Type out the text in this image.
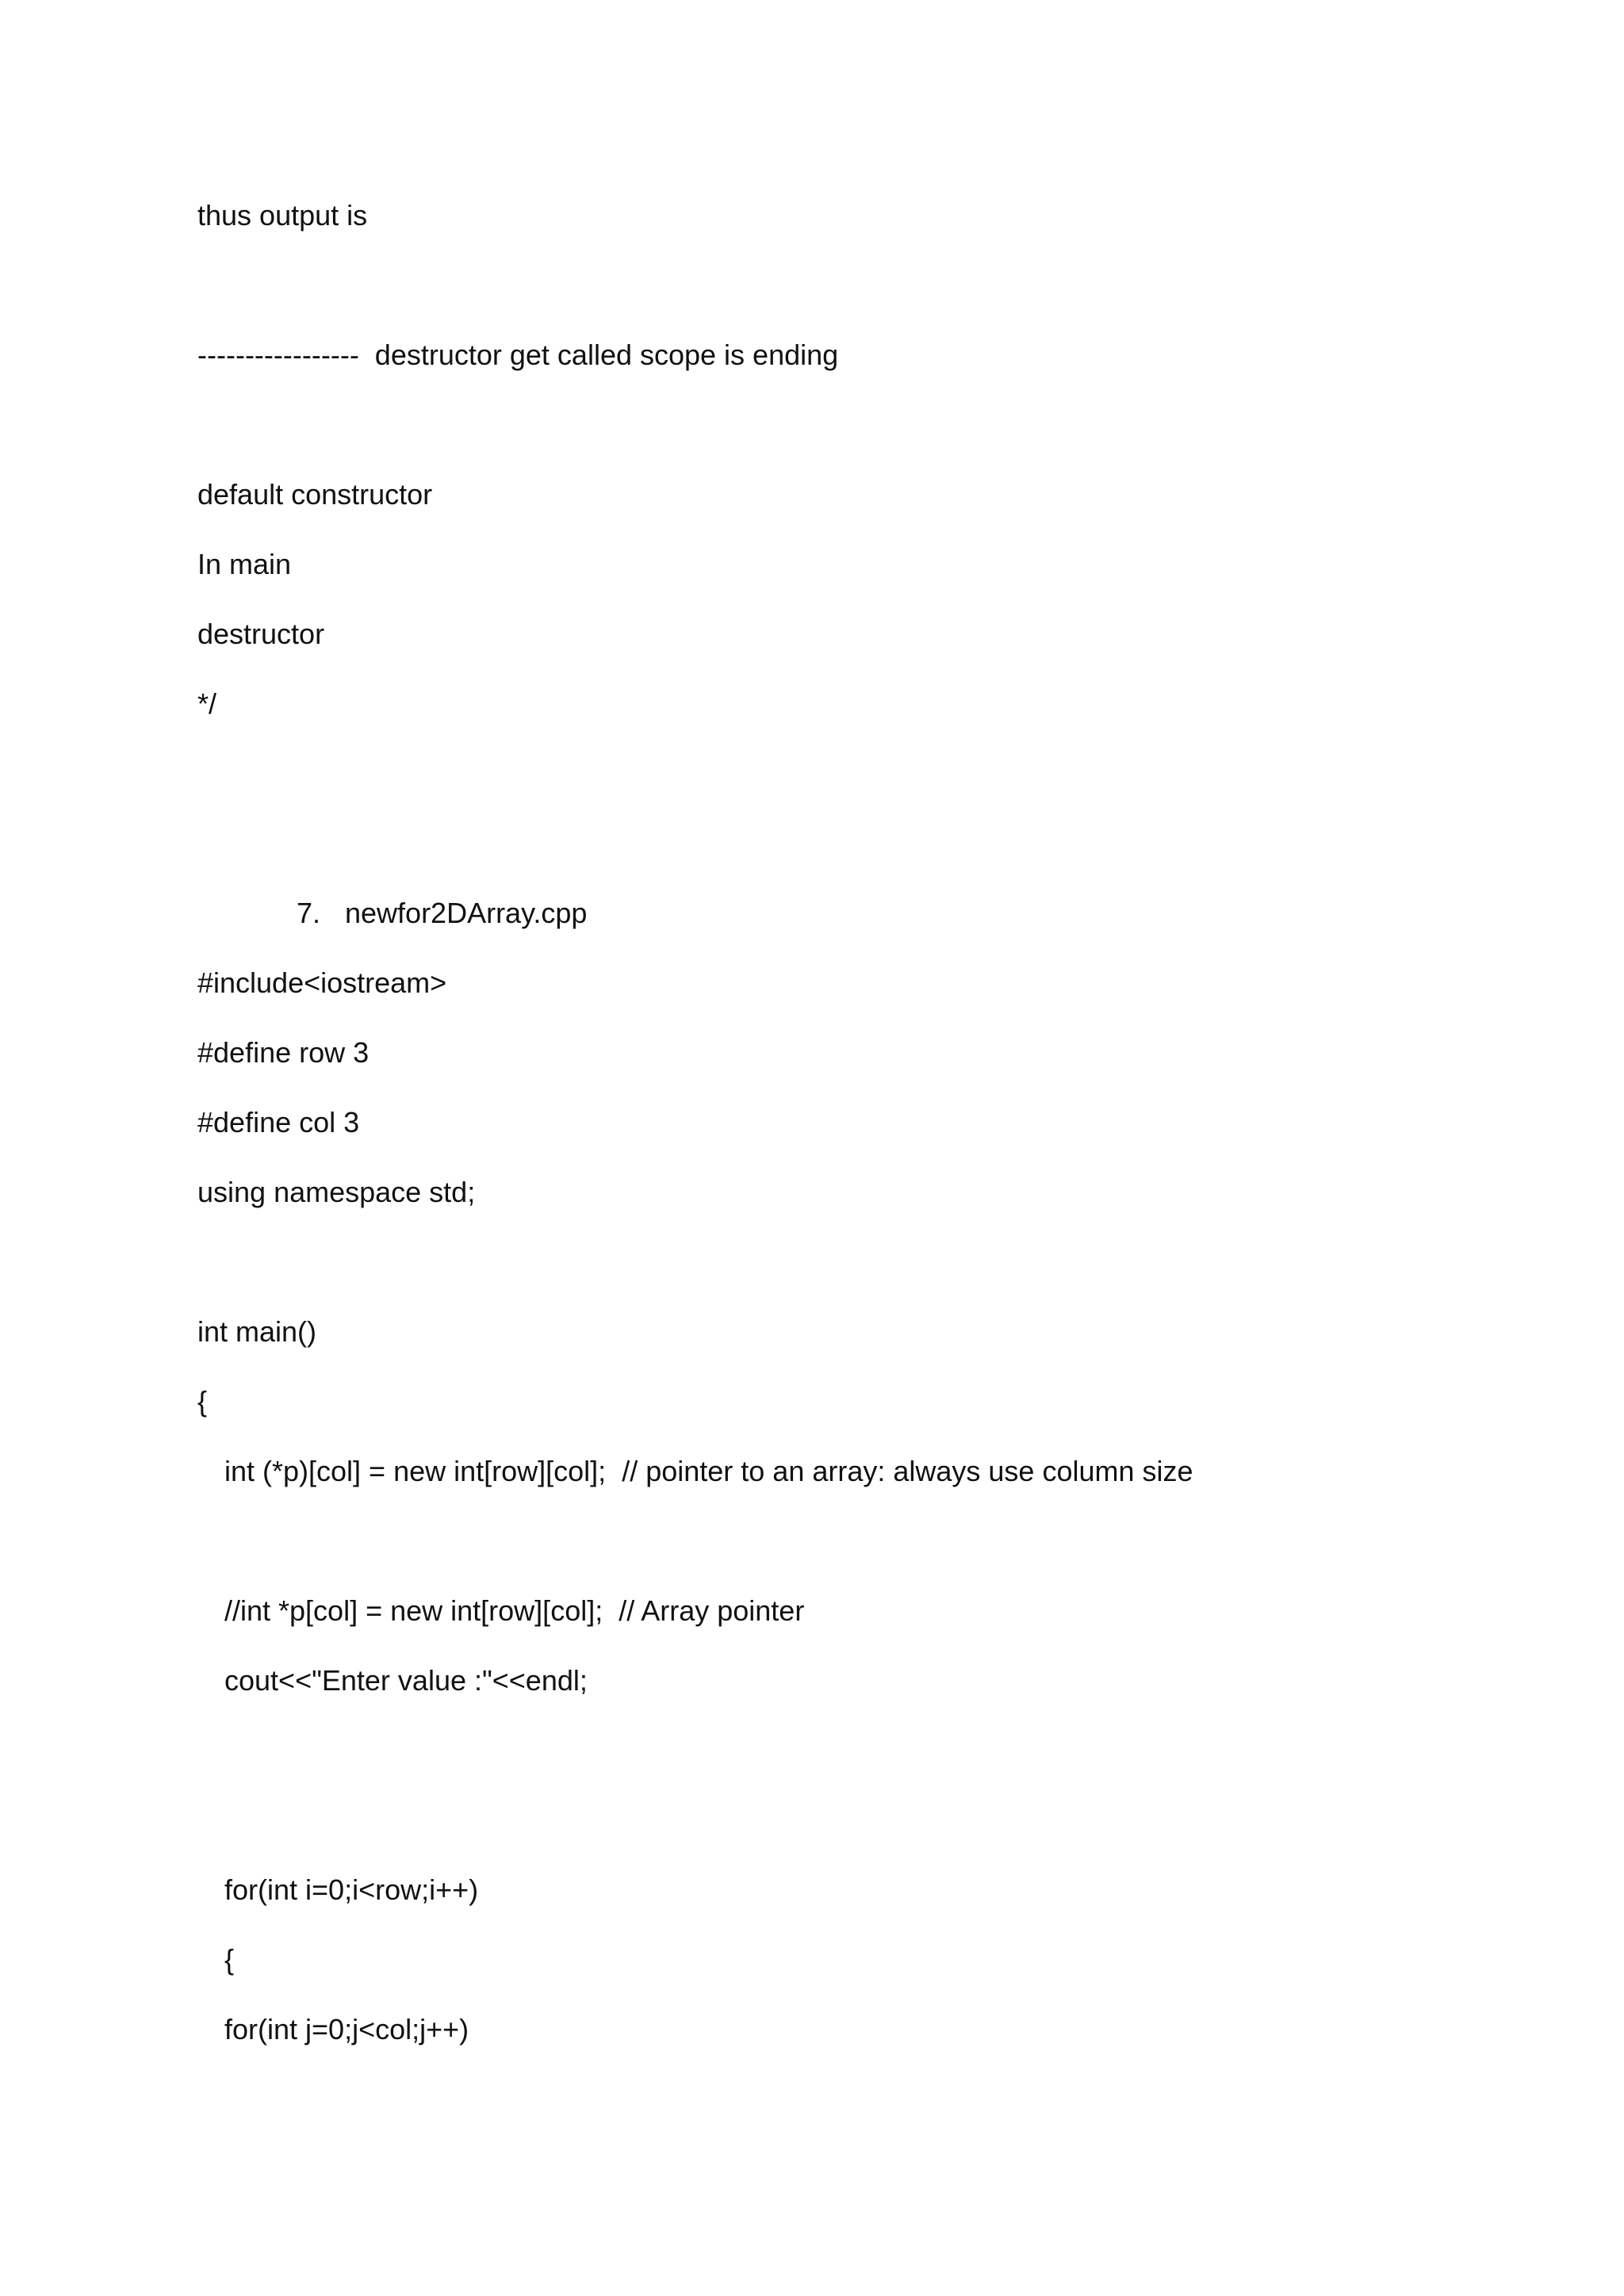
thus output is

-----------------  destructor get called scope is ending

default constructor

In main

destructor

*/

7. newfor2DArray.cpp

#include<iostream>

#define row 3

#define col 3

using namespace std;

int main()

{

int (*p)[col] = new int[row][col];  // pointer to an array: always use column size

//int *p[col] = new int[row][col];  // Array pointer

cout<<"Enter value :"<<endl;

for(int i=0;i<row;i++)

{

for(int j=0;j<col;j++)
